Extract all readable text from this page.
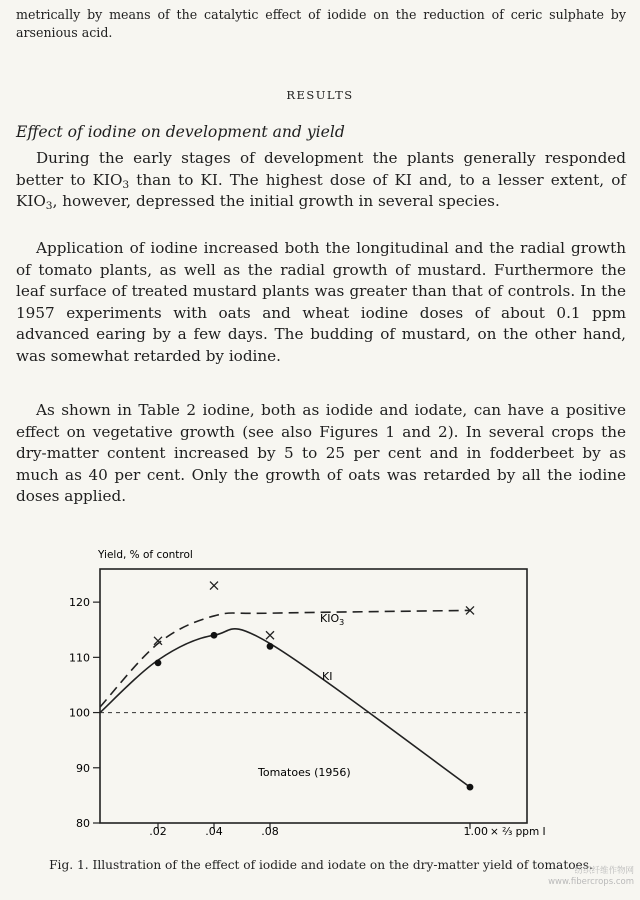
metrically by means of the catalytic effect of iodide on the reduction of ceric sulphate by arsenious acid.

RESULTS

Effect of iodine on development and yield

During the early stages of development the plants generally responded better to $KIO_3$ than to KI. The highest dose of KI and, to a lesser extent, of $KIO_3$, however, depressed the initial growth in several species.

Application of iodine increased both the longitudinal and the radial growth of tomato plants, as well as the radial growth of mustard. Furthermore the leaf surface of treated mustard plants was greater than that of controls. In the 1957 experiments with oats and wheat iodine doses of about 0.1 ppm advanced earing by a few days. The budding of mustard, on the other hand, was somewhat retarded by iodine.

As shown in Table 2 iodine, both as iodide and iodate, can have a positive effect on vegetative growth (see also Figures 1 and 2). In several crops the dry-matter content increased by 5 to 25 per cent and in fodderbeet by as much as 40 per cent. Only the growth of oats was retarded by all the iodine doses applied.

Yield, % of control
80
90
100
110
120
.02	.04	.08	1.00
$KIO_3$
KI
Tomatoes (1956)
× ²⁄₃ ppm I

Fig. 1. Illustration of the effect of iodide and iodate on the dry-matter yield of tomatoes.

纺织纤维作物网
www.fibercrops.com
